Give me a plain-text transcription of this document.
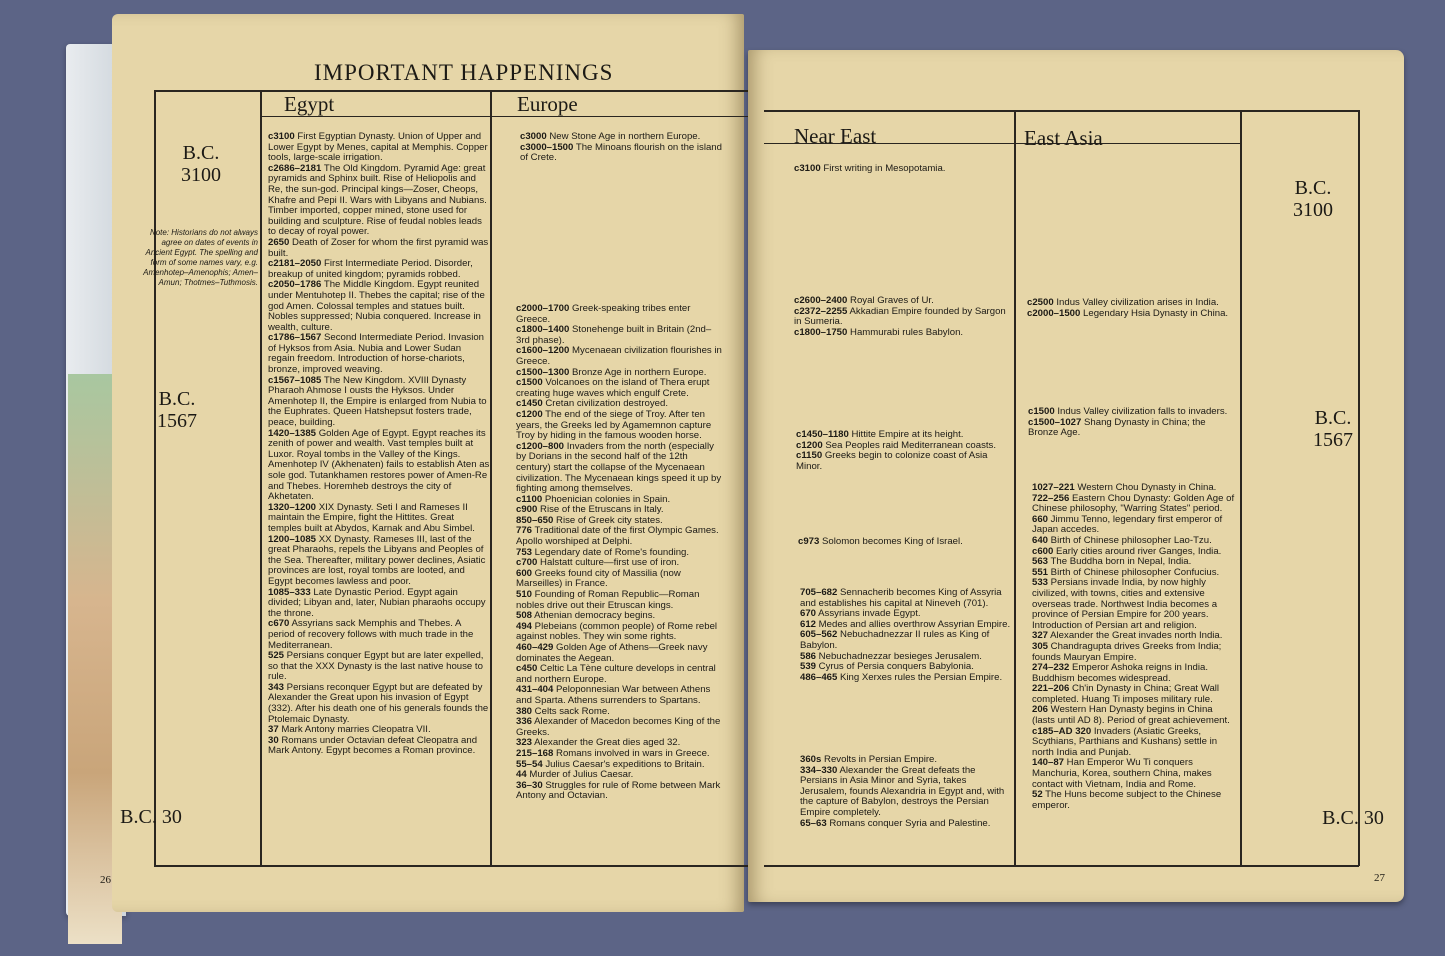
IMPORTANT HAPPENINGS
Egypt	Europe
B.C. 3100
B.C. 1567
B.C. 30
Note: Historians do not always agree on dates of events in Ancient Egypt. The spelling and form of some names vary, e.g. Amenhotep–Amenophis; Amen–Amun; Thotmes–Tuthmosis.

c3100 First Egyptian Dynasty. Union of Upper and Lower Egypt by Menes, capital at Memphis. Copper tools, large-scale irrigation.

c2686–2181 The Old Kingdom. Pyramid Age: great pyramids and Sphinx built. Rise of Heliopolis and Re, the sun-god. Principal kings—Zoser, Cheops, Khafre and Pepi II. Wars with Libyans and Nubians. Timber imported, copper mined, stone used for building and sculpture. Rise of feudal nobles leads to decay of royal power.

2650 Death of Zoser for whom the first pyramid was built.

c2181–2050 First Intermediate Period. Disorder, breakup of united kingdom; pyramids robbed.

c2050–1786 The Middle Kingdom. Egypt reunited under Mentuhotep II. Thebes the capital; rise of the god Amen. Colossal temples and statues built. Nobles suppressed; Nubia conquered. Increase in wealth, culture.

c1786–1567 Second Intermediate Period. Invasion of Hyksos from Asia. Nubia and Lower Sudan regain freedom. Introduction of horse-chariots, bronze, improved weaving.

c1567–1085 The New Kingdom. XVIII Dynasty Pharaoh Ahmose I ousts the Hyksos. Under Amenhotep II, the Empire is enlarged from Nubia to the Euphrates. Queen Hatshepsut fosters trade, peace, building.

1420–1385 Golden Age of Egypt. Egypt reaches its zenith of power and wealth. Vast temples built at Luxor. Royal tombs in the Valley of the Kings. Amenhotep IV (Akhenaten) fails to establish Aten as sole god. Tutankhamen restores power of Amen-Re and Thebes. Horemheb destroys the city of Akhetaten.

1320–1200 XIX Dynasty. Seti I and Rameses II maintain the Empire, fight the Hittites. Great temples built at Abydos, Karnak and Abu Simbel.

1200–1085 XX Dynasty. Rameses III, last of the great Pharaohs, repels the Libyans and Peoples of the Sea. Thereafter, military power declines, Asiatic provinces are lost, royal tombs are looted, and Egypt becomes lawless and poor.

1085–333 Late Dynastic Period. Egypt again divided; Libyan and, later, Nubian pharaohs occupy the throne.

c670 Assyrians sack Memphis and Thebes. A period of recovery follows with much trade in the Mediterranean.

525 Persians conquer Egypt but are later expelled, so that the XXX Dynasty is the last native house to rule.

343 Persians reconquer Egypt but are defeated by Alexander the Great upon his invasion of Egypt (332). After his death one of his generals founds the Ptolemaic Dynasty.

37 Mark Antony marries Cleopatra VII.

30 Romans under Octavian defeat Cleopatra and Mark Antony. Egypt becomes a Roman province.

c3000 New Stone Age in northern Europe.

c3000–1500 The Minoans flourish on the island of Crete.

c2000–1700 Greek-speaking tribes enter Greece.

c1800–1400 Stonehenge built in Britain (2nd–3rd phase).

c1600–1200 Mycenaean civilization flourishes in Greece.

c1500–1300 Bronze Age in northern Europe.

c1500 Volcanoes on the island of Thera erupt creating huge waves which engulf Crete.

c1450 Cretan civilization destroyed.

c1200 The end of the siege of Troy. After ten years, the Greeks led by Agamemnon capture Troy by hiding in the famous wooden horse.

c1200–800 Invaders from the north (especially by Dorians in the second half of the 12th century) start the collapse of the Mycenaean civilization. The Mycenaean kings speed it up by fighting among themselves.

c1100 Phoenician colonies in Spain.

c900 Rise of the Etruscans in Italy.

850–650 Rise of Greek city states.

776 Traditional date of the first Olympic Games. Apollo worshiped at Delphi.

753 Legendary date of Rome's founding.

c700 Halstatt culture—first use of iron.

600 Greeks found city of Massilia (now Marseilles) in France.

510 Founding of Roman Republic—Roman nobles drive out their Etruscan kings.

508 Athenian democracy begins.

494 Plebeians (common people) of Rome rebel against nobles. They win some rights.

460–429 Golden Age of Athens—Greek navy dominates the Aegean.

c450 Celtic La Tène culture develops in central and northern Europe.

431–404 Peloponnesian War between Athens and Sparta. Athens surrenders to Spartans.

380 Celts sack Rome.

336 Alexander of Macedon becomes King of the Greeks.

323 Alexander the Great dies aged 32.

215–168 Romans involved in wars in Greece.

55–54 Julius Caesar's expeditions to Britain.

44 Murder of Julius Caesar.

36–30 Struggles for rule of Rome between Mark Antony and Octavian.

26
Near East	East Asia
B.C. 3100
B.C. 1567
B.C. 30

c3100 First writing in Mesopotamia.

c2600–2400 Royal Graves of Ur.

c2372–2255 Akkadian Empire founded by Sargon in Sumeria.

c1800–1750 Hammurabi rules Babylon.

c1450–1180 Hittite Empire at its height.

c1200 Sea Peoples raid Mediterranean coasts.

c1150 Greeks begin to colonize coast of Asia Minor.

c973 Solomon becomes King of Israel.

705–682 Sennacherib becomes King of Assyria and establishes his capital at Nineveh (701).

670 Assyrians invade Egypt.

612 Medes and allies overthrow Assyrian Empire.

605–562 Nebuchadnezzar II rules as King of Babylon.

586 Nebuchadnezzar besieges Jerusalem.

539 Cyrus of Persia conquers Babylonia.

486–465 King Xerxes rules the Persian Empire.

360s Revolts in Persian Empire.

334–330 Alexander the Great defeats the Persians in Asia Minor and Syria, takes Jerusalem, founds Alexandria in Egypt and, with the capture of Babylon, destroys the Persian Empire completely.

65–63 Romans conquer Syria and Palestine.

c2500 Indus Valley civilization arises in India.

c2000–1500 Legendary Hsia Dynasty in China.

c1500 Indus Valley civilization falls to invaders.

c1500–1027 Shang Dynasty in China; the Bronze Age.

1027–221 Western Chou Dynasty in China.

722–256 Eastern Chou Dynasty: Golden Age of Chinese philosophy, "Warring States" period.

660 Jimmu Tenno, legendary first emperor of Japan accedes.

640 Birth of Chinese philosopher Lao-Tzu.

c600 Early cities around river Ganges, India.

563 The Buddha born in Nepal, India.

551 Birth of Chinese philosopher Confucius.

533 Persians invade India, by now highly civilized, with towns, cities and extensive overseas trade. Northwest India becomes a province of Persian Empire for 200 years. Introduction of Persian art and religion.

327 Alexander the Great invades north India.

305 Chandragupta drives Greeks from India; founds Mauryan Empire.

274–232 Emperor Ashoka reigns in India. Buddhism becomes widespread.

221–206 Ch'in Dynasty in China; Great Wall completed. Huang Ti imposes military rule.

206 Western Han Dynasty begins in China (lasts until AD 8). Period of great achievement.

c185–AD 320 Invaders (Asiatic Greeks, Scythians, Parthians and Kushans) settle in north India and Punjab.

140–87 Han Emperor Wu Ti conquers Manchuria, Korea, southern China, makes contact with Vietnam, India and Rome.

52 The Huns become subject to the Chinese emperor.

27
